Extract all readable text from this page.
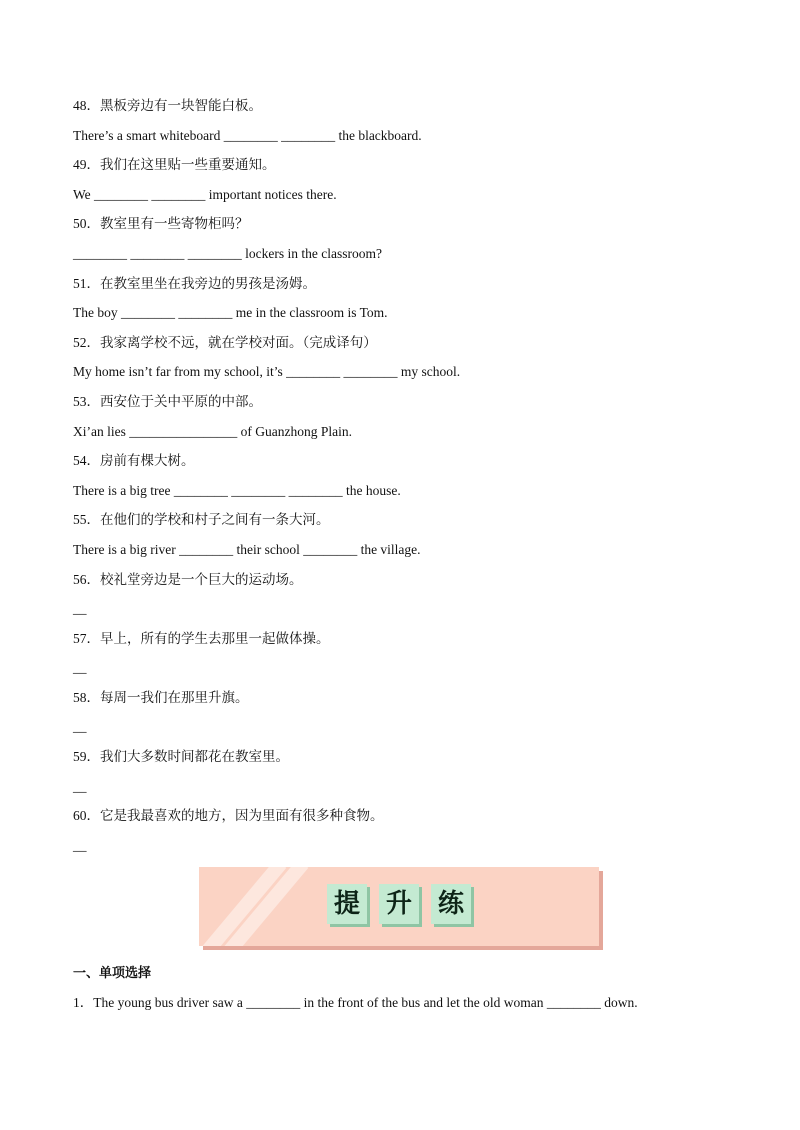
48．黑板旁边有一块智能白板。
There’s a smart whiteboard ________ ________ the blackboard.
49．我们在这里贴一些重要通知。
We ________ ________ important notices there.
50．教室里有一些寄物柜吗？
________ ________ ________ lockers in the classroom?
51．在教室里坐在我旁边的男孩是汤姆。
The boy ________ ________ me in the classroom is Tom.
52．我家离学校不远，就在学校对面。（完成译句）
My home isn’t far from my school, it’s ________ ________ my school.
53．西安位于关中平原的中部。
Xi’an lies ________________ of Guanzhong Plain.
54．房前有棵大树。
There is a big tree ________ ________ ________ the house.
55．在他们的学校和村子之间有一条大河。
There is a big river ________ their school ________ the village.
56．校礼堂旁边是一个巨大的运动场。
__
57．早上，所有的学生去那里一起做体操。
__
58．每周一我们在那里升旗。
__
59．我们大多数时间都花在教室里。
__
60．它是我最喜欢的地方，因为里面有很多种食物。
__
提 升 练
一、单项选择
1．The young bus driver saw a ________ in the front of the bus and let the old woman ________ down.
